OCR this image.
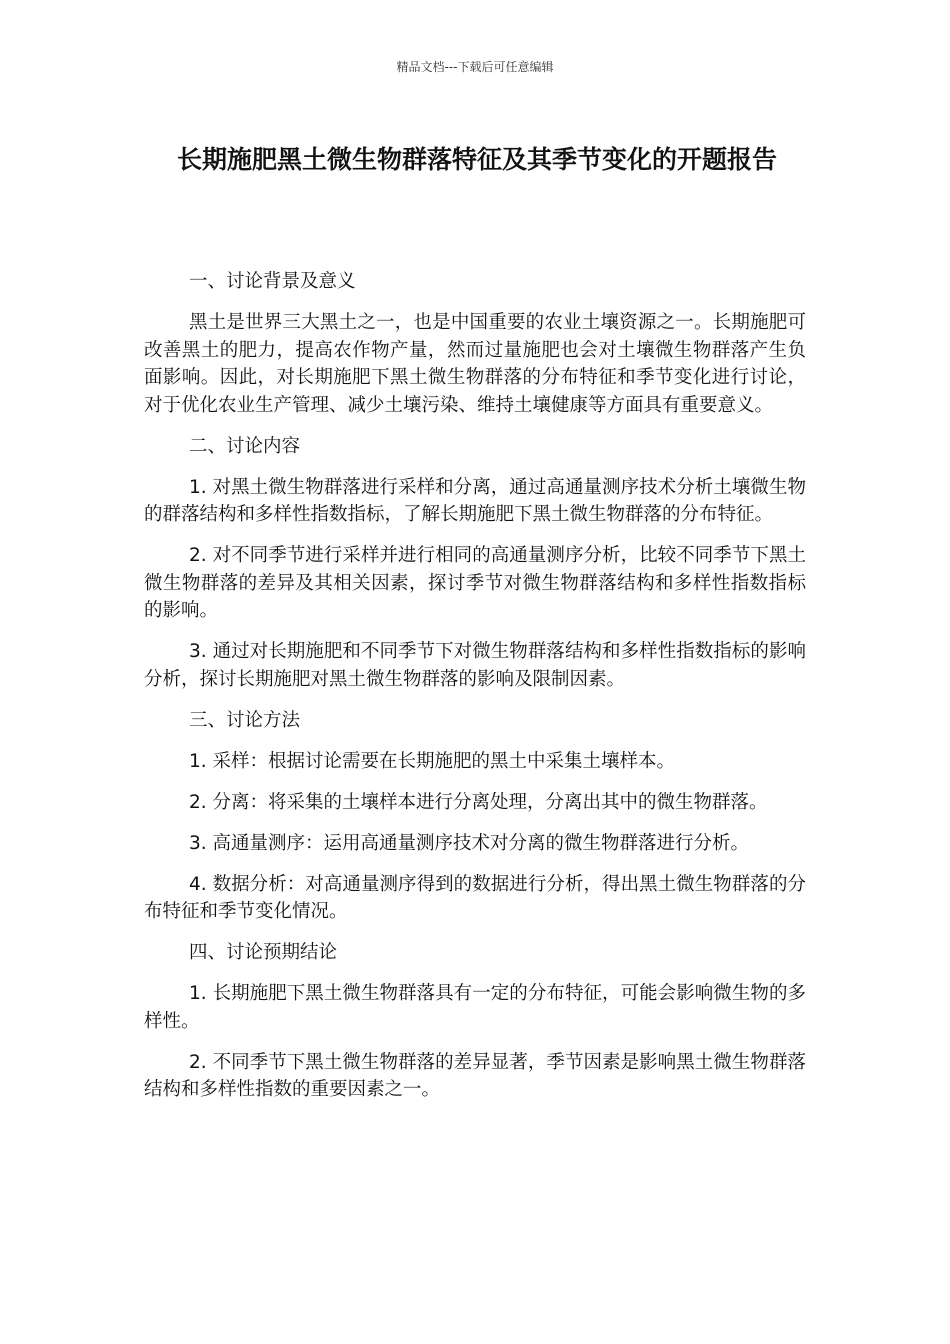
精品文档---下载后可任意编辑
长期施肥黑土微生物群落特征及其季节变化的开题报告

一、讨论背景及意义

黑土是世界三大黑土之一，也是中国重要的农业土壤资源之一。长期施肥可改善黑土的肥力，提高农作物产量，然而过量施肥也会对土壤微生物群落产生负面影响。因此，对长期施肥下黑土微生物群落的分布特征和季节变化进行讨论，对于优化农业生产管理、减少土壤污染、维持土壤健康等方面具有重要意义。

二、讨论内容

1. 对黑土微生物群落进行采样和分离，通过高通量测序技术分析土壤微生物的群落结构和多样性指数指标，了解长期施肥下黑土微生物群落的分布特征。

2. 对不同季节进行采样并进行相同的高通量测序分析，比较不同季节下黑土微生物群落的差异及其相关因素，探讨季节对微生物群落结构和多样性指数指标的影响。

3. 通过对长期施肥和不同季节下对微生物群落结构和多样性指数指标的影响分析，探讨长期施肥对黑土微生物群落的影响及限制因素。

三、讨论方法

1. 采样：根据讨论需要在长期施肥的黑土中采集土壤样本。

2. 分离：将采集的土壤样本进行分离处理，分离出其中的微生物群落。

3. 高通量测序：运用高通量测序技术对分离的微生物群落进行分析。

4. 数据分析：对高通量测序得到的数据进行分析，得出黑土微生物群落的分布特征和季节变化情况。

四、讨论预期结论

1. 长期施肥下黑土微生物群落具有一定的分布特征，可能会影响微生物的多样性。

2. 不同季节下黑土微生物群落的差异显著，季节因素是影响黑土微生物群落结构和多样性指数的重要因素之一。
